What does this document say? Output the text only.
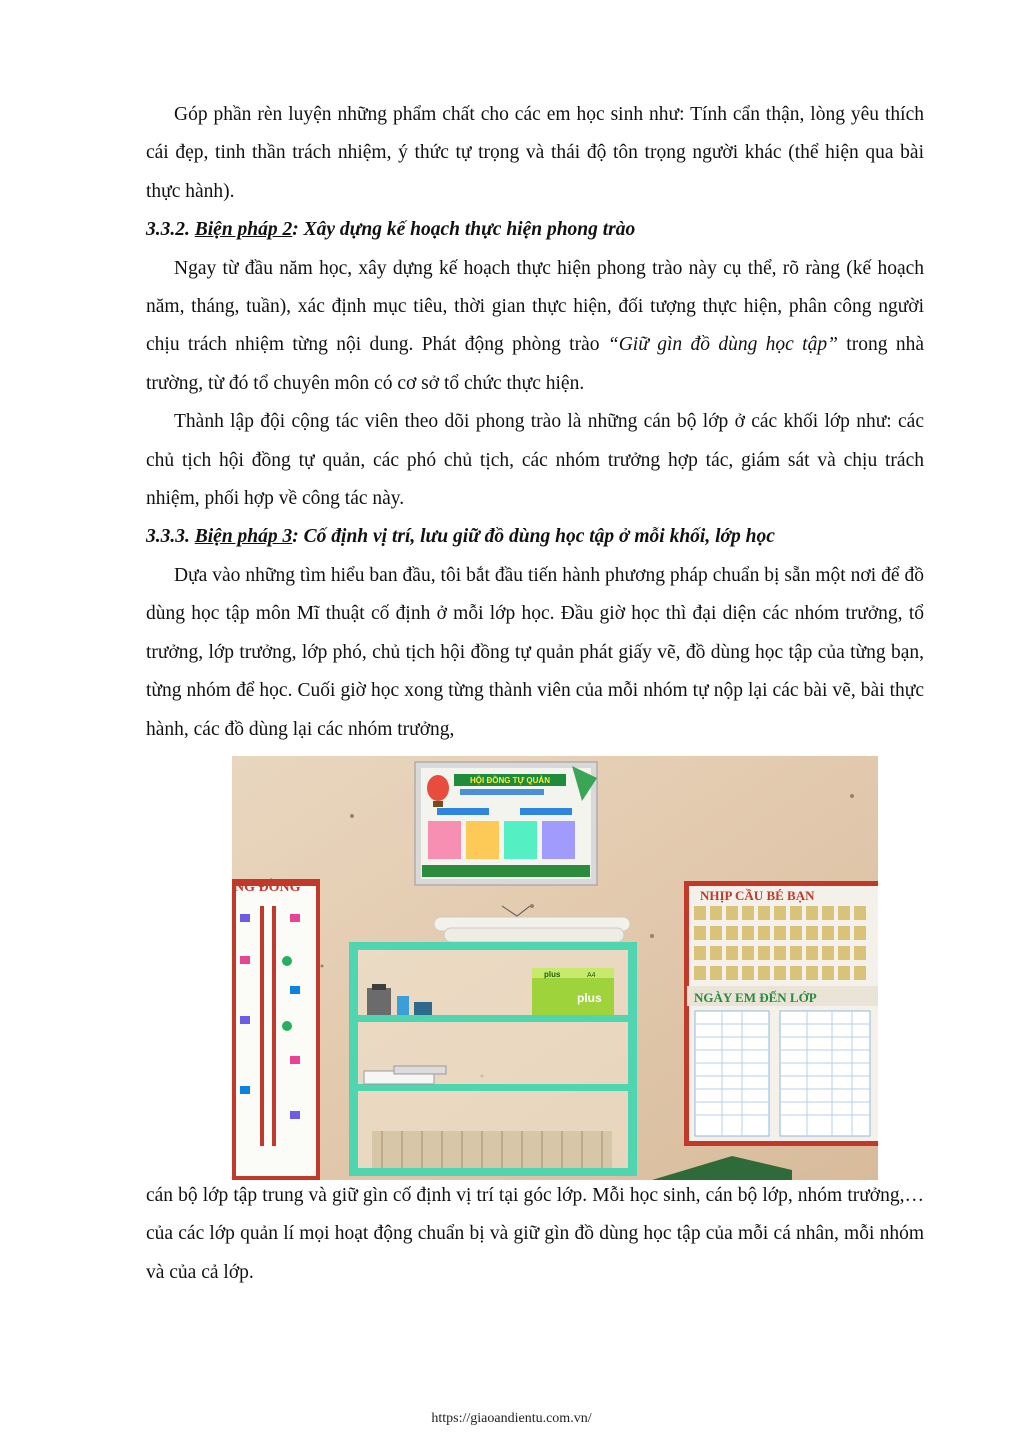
Góp phần rèn luyện những phẩm chất cho các em học sinh như: Tính cẩn thận, lòng yêu thích cái đẹp, tinh thần trách nhiệm, ý thức tự trọng và thái độ tôn trọng người khác (thể hiện qua bài thực hành).

3.3.2. Biện pháp 2: Xây dựng kế hoạch thực hiện phong trào

Ngay từ đầu năm học, xây dựng kế hoạch thực hiện phong trào này cụ thể, rõ ràng (kế hoạch năm, tháng, tuần), xác định mục tiêu, thời gian thực hiện, đối tượng thực hiện, phân công người chịu trách nhiệm từng nội dung. Phát động phòng trào “Giữ gìn đồ dùng học tập” trong nhà trường, từ đó tổ chuyên môn có cơ sở tổ chức thực hiện.

Thành lập đội cộng tác viên theo dõi phong trào là những cán bộ lớp ở các khối lớp như: các chủ tịch hội đồng tự quản, các phó chủ tịch, các nhóm trưởng hợp tác, giám sát và chịu trách nhiệm, phối hợp về công tác này.

3.3.3. Biện pháp 3: Cố định vị trí, lưu giữ đồ dùng học tập ở mỗi khối, lớp học

Dựa vào những tìm hiểu ban đầu, tôi bắt đầu tiến hành phương pháp chuẩn bị sẵn một nơi để đồ dùng học tập môn Mĩ thuật cố định ở mỗi lớp học. Đầu giờ học thì đại diện các nhóm trưởng, tổ trưởng, lớp trưởng, lớp phó, chủ tịch hội đồng tự quản phát giấy vẽ, đồ dùng học tập của từng bạn, từng nhóm để học. Cuối giờ học xong từng thành viên của mỗi nhóm tự nộp lại các bài vẽ, bài thực hành, các đồ dùng lại các nhóm trưởng,

HỘI ĐỒNG TỰ QUẢN
NG ĐỒNG
NHỊP CẦU BÉ BẠN
NGÀY EM ĐẾN LỚP
plus	A4
plus

cán bộ lớp tập trung và giữ gìn cố định vị trí tại góc lớp. Mỗi học sinh, cán bộ lớp, nhóm trưởng,… của các lớp quản lí mọi hoạt động chuẩn bị và giữ gìn đồ dùng học tập của mỗi cá nhân, mỗi nhóm và của cả lớp.

https://giaoandientu.com.vn/
